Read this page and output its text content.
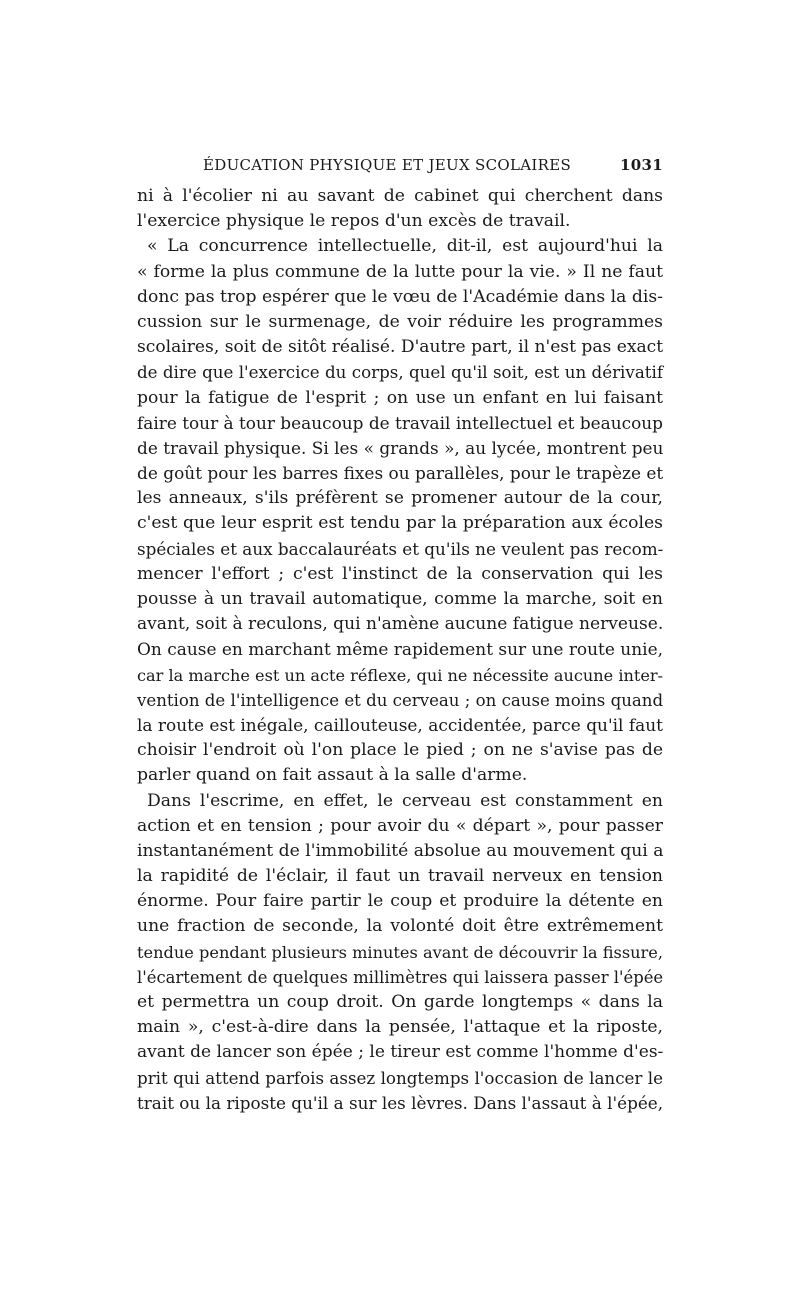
ÉDUCATION PHYSIQUE ET JEUX SCOLAIRES	1031
ni à l'écolier ni au savant de cabinet qui cherchent dans
l'exercice physique le repos d'un excès de travail.
« La concurrence intellectuelle, dit-il, est aujourd'hui la
« forme la plus commune de la lutte pour la vie. » Il ne faut
donc pas trop espérer que le vœu de l'Académie dans la dis-
cussion sur le surmenage, de voir réduire les programmes
scolaires, soit de sitôt réalisé. D'autre part, il n'est pas exact
de dire que l'exercice du corps, quel qu'il soit, est un dérivatif
pour la fatigue de l'esprit ; on use un enfant en lui faisant
faire tour à tour beaucoup de travail intellectuel et beaucoup
de travail physique. Si les « grands », au lycée, montrent peu
de goût pour les barres fixes ou parallèles, pour le trapèze et
les anneaux, s'ils préfèrent se promener autour de la cour,
c'est que leur esprit est tendu par la préparation aux écoles
spéciales et aux baccalauréats et qu'ils ne veulent pas recom-
mencer l'effort ; c'est l'instinct de la conservation qui les
pousse à un travail automatique, comme la marche, soit en
avant, soit à reculons, qui n'amène aucune fatigue nerveuse.
On cause en marchant même rapidement sur une route unie,
car la marche est un acte réflexe, qui ne nécessite aucune inter-
vention de l'intelligence et du cerveau ; on cause moins quand
la route est inégale, caillouteuse, accidentée, parce qu'il faut
choisir l'endroit où l'on place le pied ; on ne s'avise pas de
parler quand on fait assaut à la salle d'arme.
Dans l'escrime, en effet, le cerveau est constamment en
action et en tension ; pour avoir du « départ », pour passer
instantanément de l'immobilité absolue au mouvement qui a
la rapidité de l'éclair, il faut un travail nerveux en tension
énorme. Pour faire partir le coup et produire la détente en
une fraction de seconde, la volonté doit être extrêmement
tendue pendant plusieurs minutes avant de découvrir la fissure,
l'écartement de quelques millimètres qui laissera passer l'épée
et permettra un coup droit. On garde longtemps « dans la
main », c'est-à-dire dans la pensée, l'attaque et la riposte,
avant de lancer son épée ; le tireur est comme l'homme d'es-
prit qui attend parfois assez longtemps l'occasion de lancer le
trait ou la riposte qu'il a sur les lèvres. Dans l'assaut à l'épée,
